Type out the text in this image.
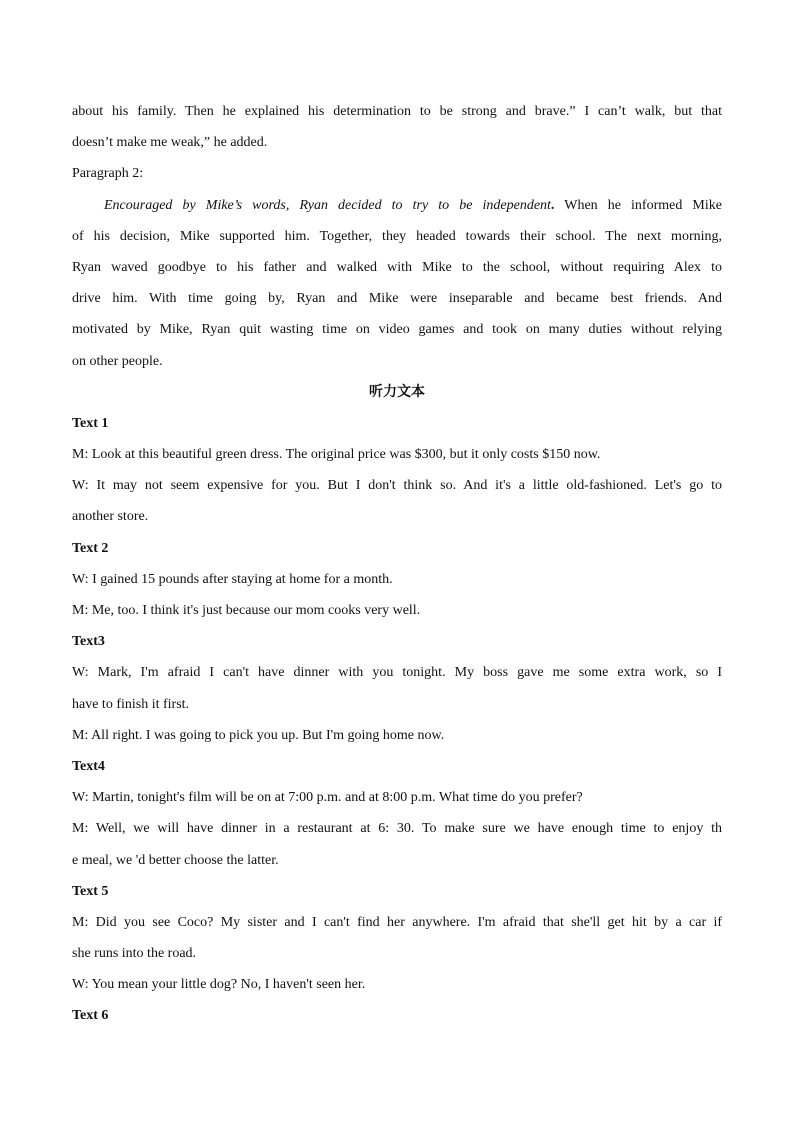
about his family. Then he explained his determination to be strong and brave.” I can’t walk, but that
doesn’t make me weak,” he added.
Paragraph 2:
Encouraged by Mike’s words, Ryan decided to try to be independent. When he informed Mike
of his decision, Mike supported him. Together, they headed towards their school. The next morning,
Ryan waved goodbye to his father and walked with Mike to the school, without requiring Alex to
drive him. With time going by, Ryan and Mike were inseparable and became best friends. And
motivated by Mike, Ryan quit wasting time on video games and took on many duties without relying
on other people.
听力文本
Text 1
M: Look at this beautiful green dress. The original price was $300, but it only costs $150 now.
W: It may not seem expensive for you. But I don't think so. And it's a little old-fashioned. Let's go to
another store.
Text 2
W: I gained 15 pounds after staying at home for a month.
M: Me, too. I think it's just because our mom cooks very well.
Text3
W: Mark, I'm afraid I can't have dinner with you tonight. My boss gave me some extra work, so I
have to finish it first.
M: All right. I was going to pick you up. But I'm going home now.
Text4
W: Martin, tonight's film will be on at 7:00 p.m. and at 8:00 p.m. What time do you prefer?
M: Well, we will have dinner in a restaurant at 6: 30. To make sure we have enough time to enjoy th
e meal, we 'd better choose the latter.
Text 5
M: Did you see Coco? My sister and I can't find her anywhere. I'm afraid that she'll get hit by a car if
she runs into the road.
W: You mean your little dog? No, I haven't seen her.
Text 6
